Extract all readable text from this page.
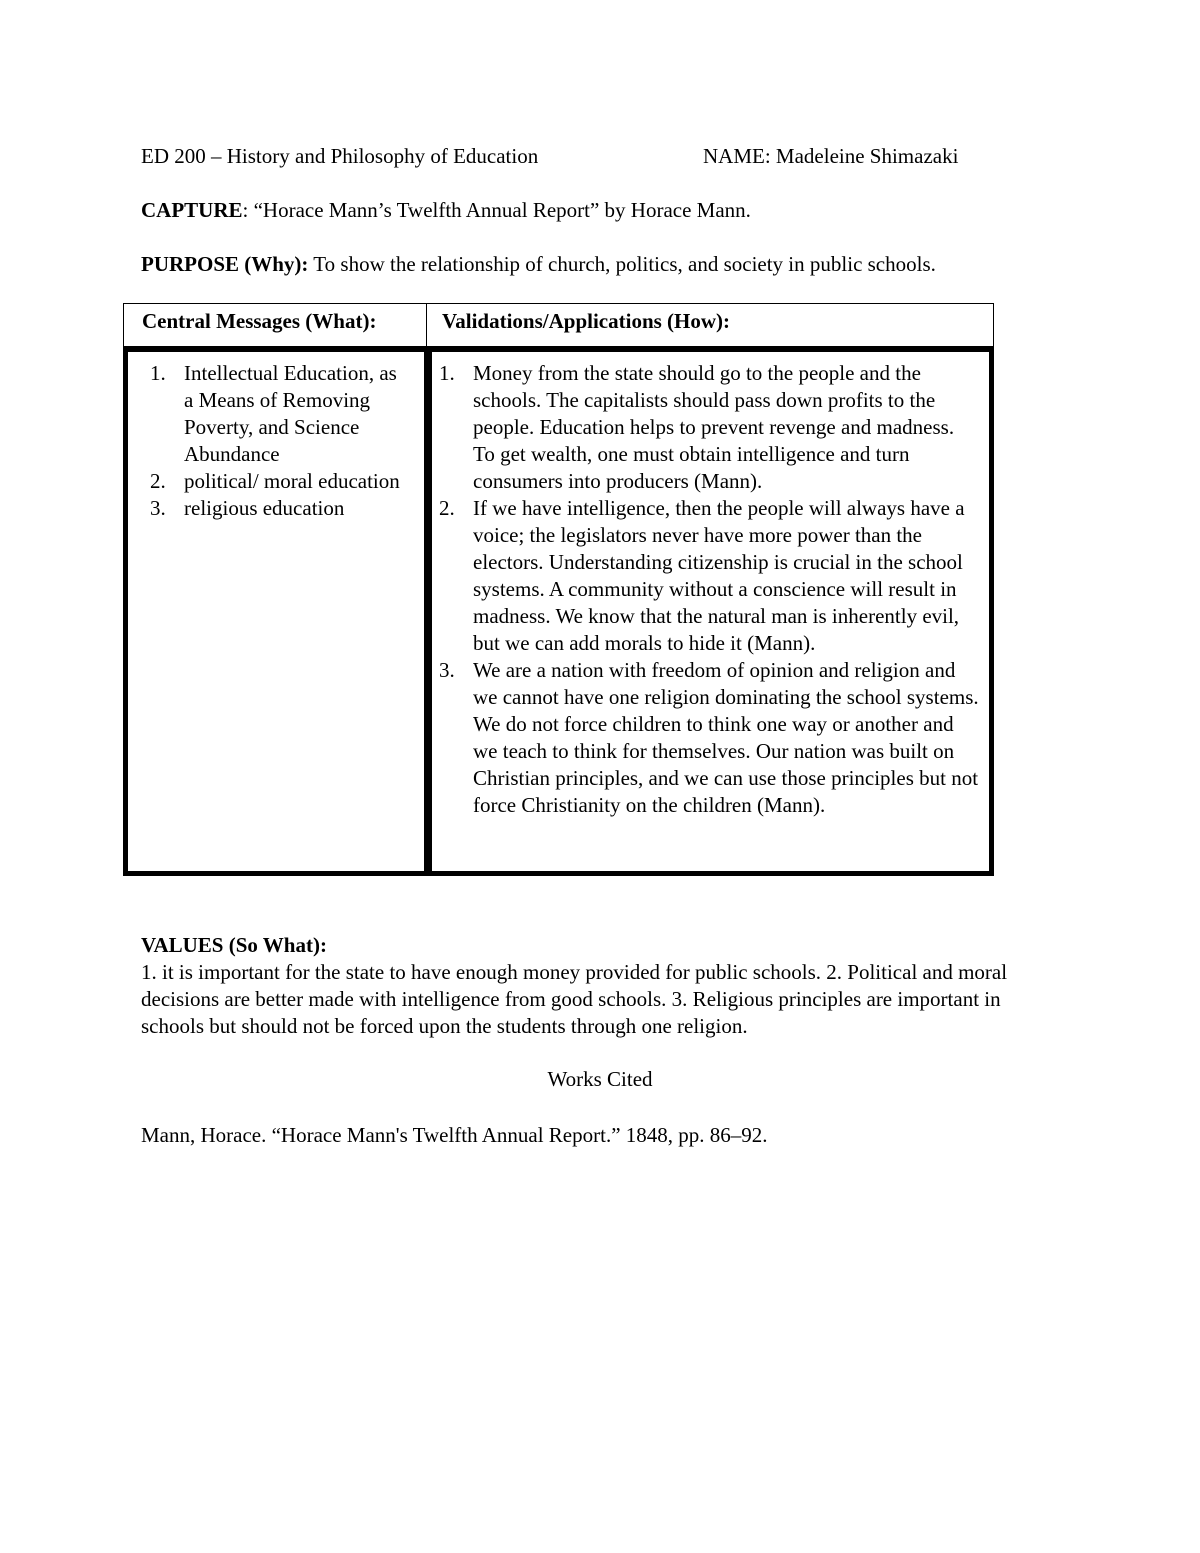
ED 200 – History and Philosophy of Education	NAME: Madeleine Shimazaki
CAPTURE: “Horace Mann’s Twelfth Annual Report” by Horace Mann.
PURPOSE (Why): To show the relationship of church, politics, and society in public schools.
Central Messages (What):	Validations/Applications (How):
1. Intellectual Education, as a Means of Removing Poverty, and Science Abundance
2. political/ moral education
3. religious education
1. Money from the state should go to the people and the schools. The capitalists should pass down profits to the people. Education helps to prevent revenge and madness. To get wealth, one must obtain intelligence and turn consumers into producers (Mann).
2. If we have intelligence, then the people will always have a voice; the legislators never have more power than the electors. Understanding citizenship is crucial in the school systems. A community without a conscience will result in madness. We know that the natural man is inherently evil, but we can add morals to hide it (Mann).
3. We are a nation with freedom of opinion and religion and we cannot have one religion dominating the school systems. We do not force children to think one way or another and we teach to think for themselves. Our nation was built on Christian principles, and we can use those principles but not force Christianity on the children (Mann).
VALUES (So What):
1. it is important for the state to have enough money provided for public schools. 2. Political and moral decisions are better made with intelligence from good schools. 3. Religious principles are important in schools but should not be forced upon the students through one religion.
Works Cited
Mann, Horace. “Horace Mann's Twelfth Annual Report.” 1848, pp. 86–92.
